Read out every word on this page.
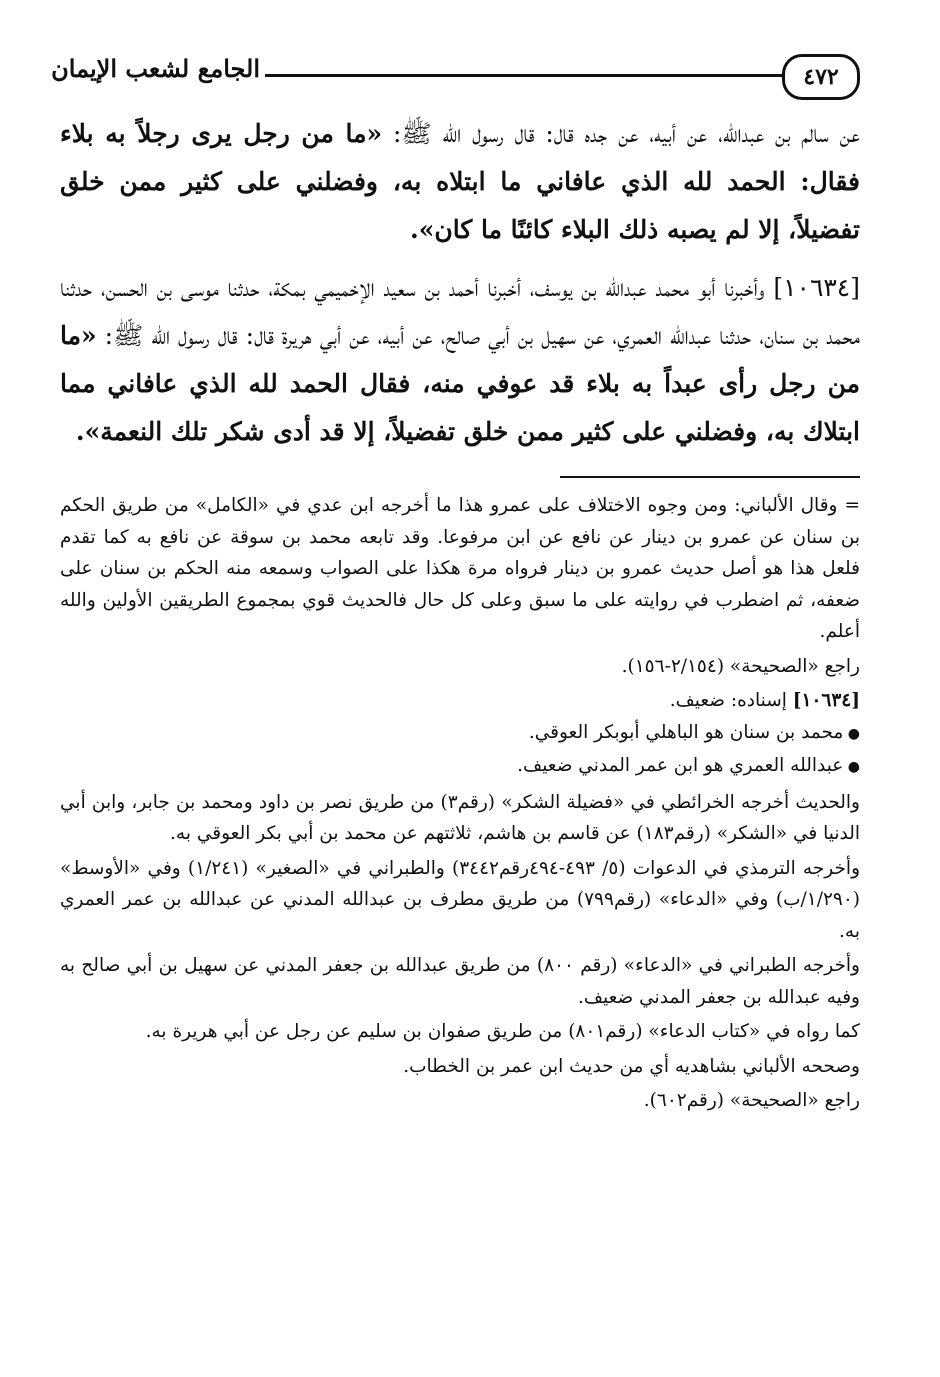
٤٧٢
الجامع لشعب الإيمان

عن سالم بن عبدالله، عن أبيه، عن جده قال: قال رسول الله ﷺ: «ما من رجل يرى رجلاً به بلاء فقال: الحمد لله الذي عافاني ما ابتلاه به، وفضلني على كثير ممن خلق تفضيلاً، إلا لم يصبه ذلك البلاء كائنًا ما كان».

[١٠٦٣٤] وأخبرنا أبو محمد عبدالله بن يوسف، أخبرنا أحمد بن سعيد الإخميمي بمكة، حدثنا موسى بن الحسن، حدثنا محمد بن سنان، حدثنا عبدالله العمري، عن سهيل بن أبي صالح، عن أبيه، عن أبي هريرة قال: قال رسول الله ﷺ: «ما من رجل رأى عبداً به بلاء قد عوفي منه، فقال الحمد لله الذي عافاني مما ابتلاك به، وفضلني على كثير ممن خلق تفضيلاً، إلا قد أدى شكر تلك النعمة».

= وقال الألباني: ومن وجوه الاختلاف على عمرو هذا ما أخرجه ابن عدي في «الكامل» من طريق الحكم بن سنان عن عمرو بن دينار عن نافع عن ابن مرفوعا. وقد تابعه محمد بن سوقة عن نافع به كما تقدم فلعل هذا هو أصل حديث عمرو بن دينار فرواه مرة هكذا على الصواب وسمعه منه الحكم بن سنان على ضعفه، ثم اضطرب في روايته على ما سبق وعلى كل حال فالحديث قوي بمجموع الطريقين الأولين والله أعلم.

راجع «الصحيحة» (٢/١٥٤-١٥٦).

[١٠٦٣٤] إسناده: ضعيف.

● محمد بن سنان هو الباهلي أبوبكر العوقي.
● عبدالله العمري هو ابن عمر المدني ضعيف.

والحديث أخرجه الخرائطي في «فضيلة الشكر» (رقم٣) من طريق نصر بن داود ومحمد بن جابر، وابن أبي الدنيا في «الشكر» (رقم١٨٣) عن قاسم بن هاشم، ثلاثتهم عن محمد بن أبي بكر العوقي به.

وأخرجه الترمذي في الدعوات (٥/ ٤٩٣-٤٩٤رقم٣٤٤٢) والطبراني في «الصغير» (١/٢٤١) وفي «الأوسط» (١/٢٩٠/ب) وفي «الدعاء» (رقم٧٩٩) من طريق مطرف بن عبدالله المدني عن عبدالله بن عمر العمري به.

وأخرجه الطبراني في «الدعاء» (رقم ٨٠٠) من طريق عبدالله بن جعفر المدني عن سهيل بن أبي صالح به وفيه عبدالله بن جعفر المدني ضعيف.

كما رواه في «كتاب الدعاء» (رقم٨٠١) من طريق صفوان بن سليم عن رجل عن أبي هريرة به.

وصححه الألباني بشاهديه أي من حديث ابن عمر بن الخطاب.

راجع «الصحيحة» (رقم٦٠٢).
